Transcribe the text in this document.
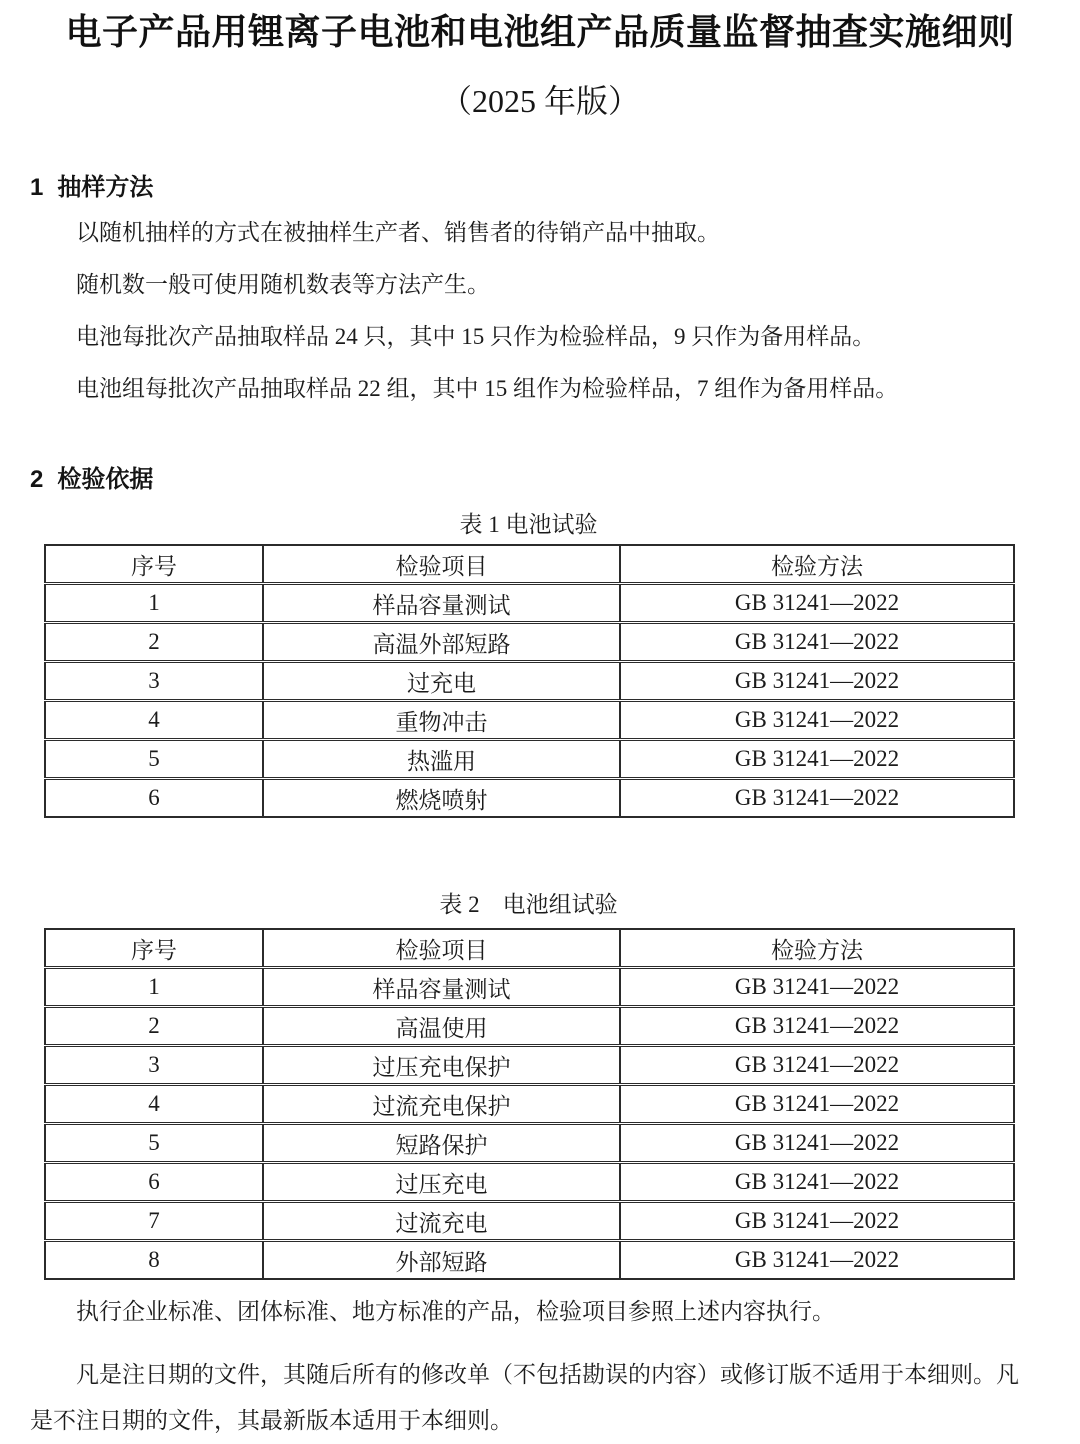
电子产品用锂离子电池和电池组产品质量监督抽查实施细则
（2025 年版）
1 抽样方法

以随机抽样的方式在被抽样生产者、销售者的待销产品中抽取。

随机数一般可使用随机数表等方法产生。

电池每批次产品抽取样品 24 只，其中 15 只作为检验样品，9 只作为备用样品。

电池组每批次产品抽取样品 22 组，其中 15 组作为检验样品，7 组作为备用样品。

2 检验依据
表 1 电池试验
序号	检验项目	检验方法
1	样品容量测试	GB 31241—2022
2	高温外部短路	GB 31241—2022
3	过充电	GB 31241—2022
4	重物冲击	GB 31241—2022
5	热滥用	GB 31241—2022
6	燃烧喷射	GB 31241—2022
表 2　电池组试验
序号	检验项目	检验方法
1	样品容量测试	GB 31241—2022
2	高温使用	GB 31241—2022
3	过压充电保护	GB 31241—2022
4	过流充电保护	GB 31241—2022
5	短路保护	GB 31241—2022
6	过压充电	GB 31241—2022
7	过流充电	GB 31241—2022
8	外部短路	GB 31241—2022

执行企业标准、团体标准、地方标准的产品，检验项目参照上述内容执行。

凡是注日期的文件，其随后所有的修改单（不包括勘误的内容）或修订版不适用于本细则。凡是不注日期的文件，其最新版本适用于本细则。
